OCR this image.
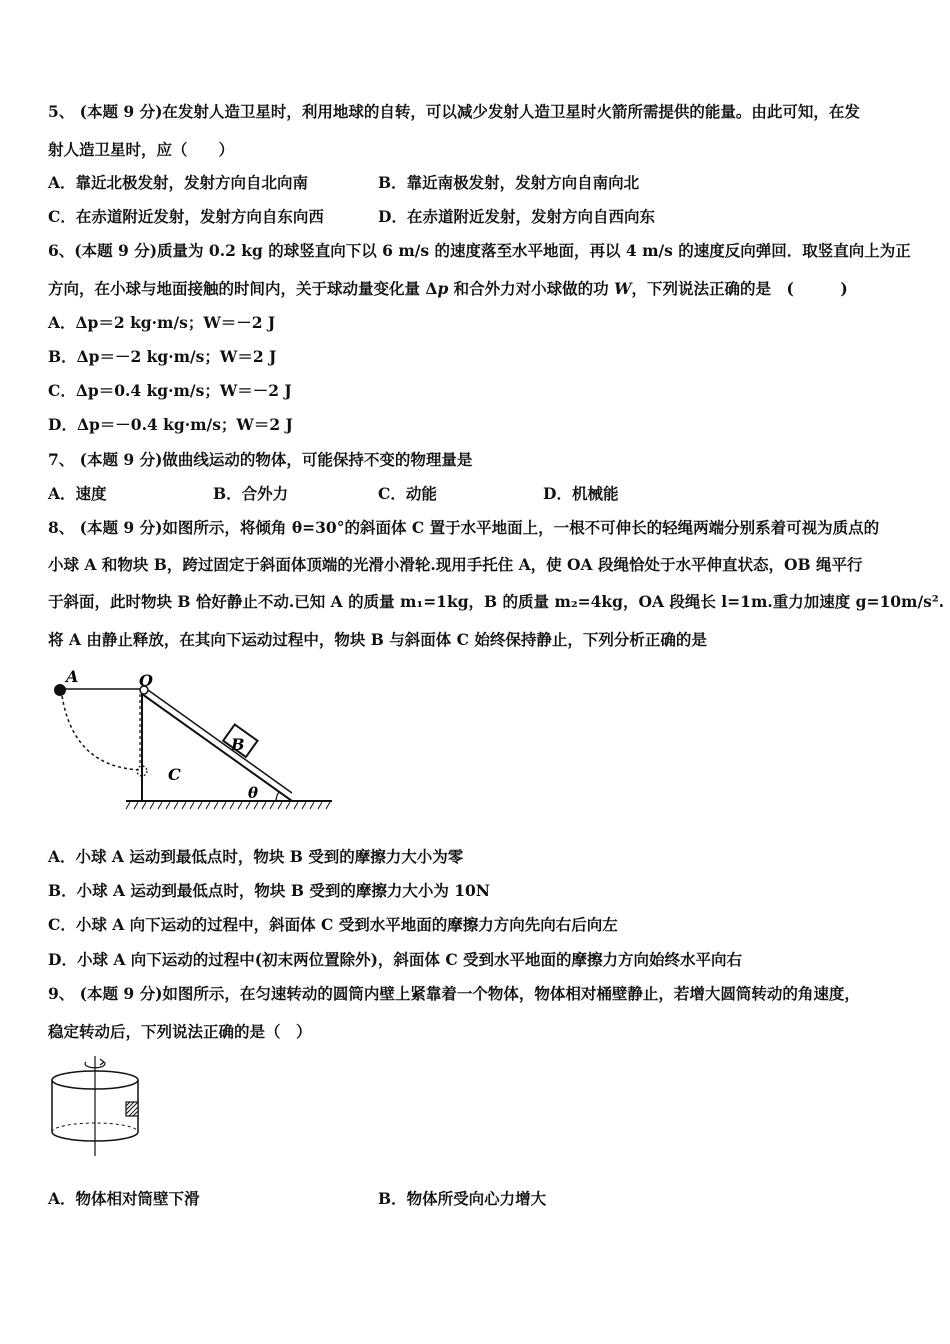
5、 (本题 9 分)在发射人造卫星时，利用地球的自转，可以减少发射人造卫星时火箭所需提供的能量。由此可知，在发
射人造卫星时，应（　　）
A．靠近北极发射，发射方向自北向南	B．靠近南极发射，发射方向自南向北
C．在赤道附近发射，发射方向自东向西	D．在赤道附近发射，发射方向自西向东
6、(本题 9 分)质量为 0.2 kg 的球竖直向下以 6 m/s 的速度落至水平地面，再以 4 m/s 的速度反向弹回．取竖直向上为正
方向，在小球与地面接触的时间内，关于球动量变化量 Δp 和合外力对小球做的功 W，下列说法正确的是　(　　　)
A．Δp＝2 kg·m/s；W＝－2 J
B．Δp＝－2 kg·m/s；W＝2 J
C．Δp＝0.4 kg·m/s；W＝－2 J
D．Δp＝－0.4 kg·m/s；W＝2 J
7、 (本题 9 分)做曲线运动的物体，可能保持不变的物理量是
A．速度	B．合外力	C．动能	D．机械能
8、 (本题 9 分)如图所示，将倾角 θ=30°的斜面体 C 置于水平地面上，一根不可伸长的轻绳两端分别系着可视为质点的
小球 A 和物块 B，跨过固定于斜面体顶端的光滑小滑轮.现用手托住 A，使 OA 段绳恰处于水平伸直状态，OB 绳平行
于斜面，此时物块 B 恰好静止不动.已知 A 的质量 m₁=1kg，B 的质量 m₂=4kg，OA 段绳长 l=1m.重力加速度 g=10m/s².
将 A 由静止释放，在其向下运动过程中，物块 B 与斜面体 C 始终保持静止，下列分析正确的是
A	O
B
C
θ
A．小球 A 运动到最低点时，物块 B 受到的摩擦力大小为零
B．小球 A 运动到最低点时，物块 B 受到的摩擦力大小为 10N
C．小球 A 向下运动的过程中，斜面体 C 受到水平地面的摩擦力方向先向右后向左
D．小球 A 向下运动的过程中(初末两位置除外)，斜面体 C 受到水平地面的摩擦力方向始终水平向右
9、 (本题 9 分)如图所示，在匀速转动的圆筒内壁上紧靠着一个物体，物体相对桶壁静止，若增大圆筒转动的角速度，
稳定转动后，下列说法正确的是（　）
A．物体相对筒壁下滑	B．物体所受向心力增大
